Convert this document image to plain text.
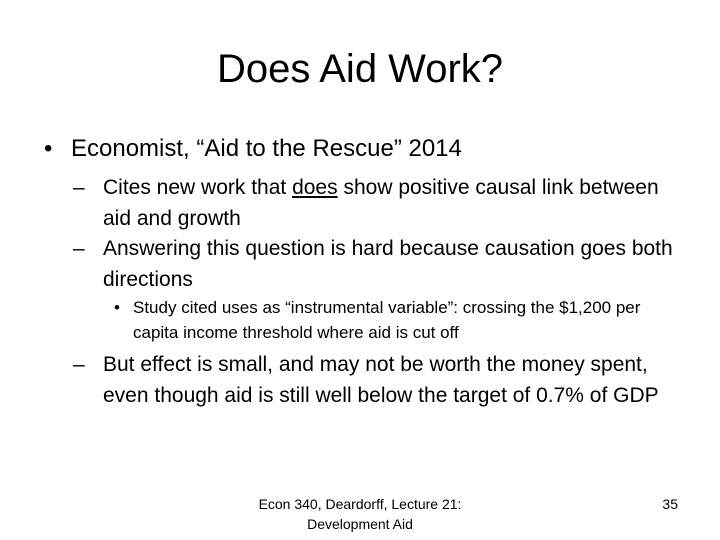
Does Aid Work?
• Economist, “Aid to the Rescue” 2014
– Cites new work that does show positive causal link between aid and growth
– Answering this question is hard because causation goes both directions
• Study cited uses as “instrumental variable”: crossing the $1,200 per capita income threshold where aid is cut off
– But effect is small, and may not be worth the money spent, even though aid is still well below the target of 0.7% of GDP
Econ 340, Deardorff, Lecture 21:
Development Aid
35
